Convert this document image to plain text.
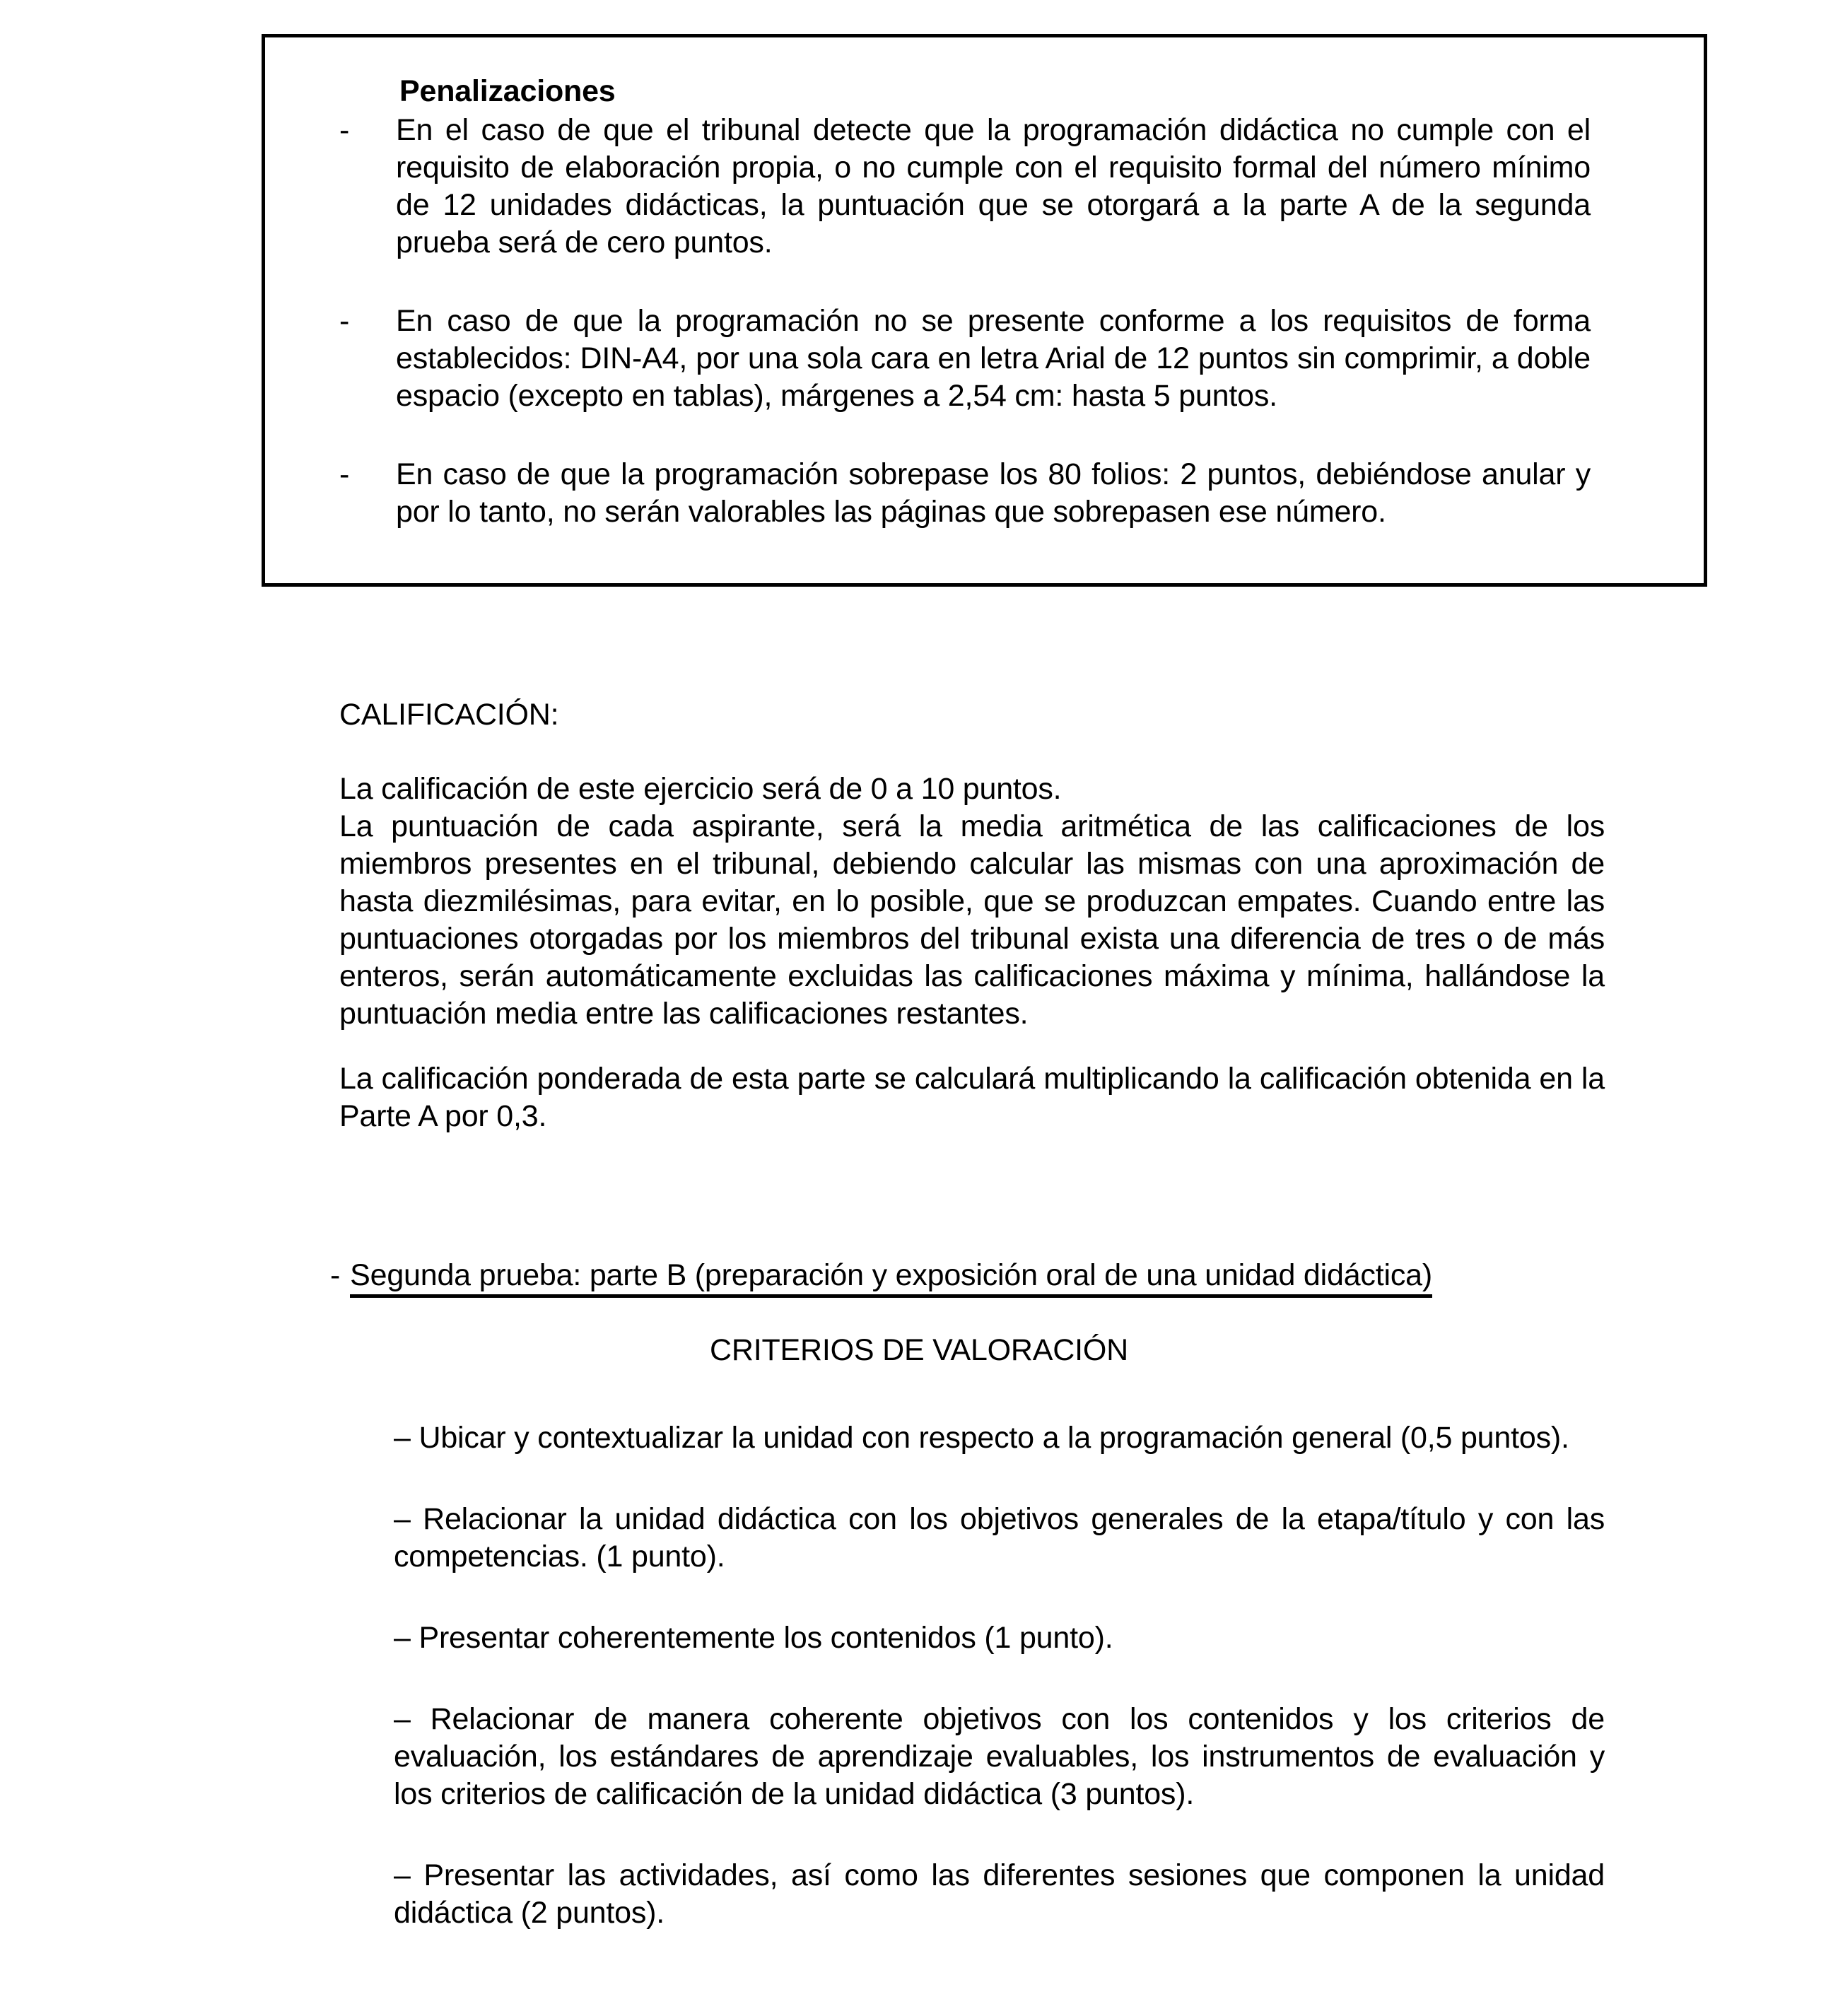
Penalizaciones
-	En el caso de que el tribunal detecte que la programación didáctica no cumple con el requisito de elaboración propia, o no cumple con el requisito formal del número mínimo de 12 unidades didácticas, la puntuación que se otorgará a la parte A de la segunda prueba será de cero puntos.

-	En caso de que la programación no se presente conforme a los requisitos de forma establecidos: DIN-A4, por una sola cara en letra Arial de 12 puntos sin comprimir, a doble espacio (excepto en tablas), márgenes a 2,54 cm: hasta 5 puntos.

-	En caso de que la programación sobrepase los 80 folios: 2 puntos, debiéndose anular y por lo tanto, no serán valorables las páginas que sobrepasen ese número.

CALIFICACIÓN:

La calificación de este ejercicio será de 0 a 10 puntos.

La puntuación de cada aspirante, será la media aritmética de las calificaciones de los miembros presentes en el tribunal, debiendo calcular las mismas con una aproximación de hasta diezmilésimas, para evitar, en lo posible, que se produzcan empates. Cuando entre las puntuaciones otorgadas por los miembros del tribunal exista una diferencia de tres o de más enteros, serán automáticamente excluidas las calificaciones máxima y mínima, hallándose la puntuación media entre las calificaciones restantes.

La calificación ponderada de esta parte se calculará multiplicando la calificación obtenida en la Parte A por 0,3.

- Segunda prueba: parte B (preparación y exposición oral de una unidad didáctica)
CRITERIOS DE VALORACIÓN

– Ubicar y contextualizar la unidad con respecto a la programación general (0,5 puntos).

– Relacionar la unidad didáctica con los objetivos generales de la etapa/título y con las competencias. (1 punto).

– Presentar coherentemente los contenidos (1 punto).

– Relacionar de manera coherente objetivos con los contenidos y los criterios de evaluación, los estándares de aprendizaje evaluables, los instrumentos de evaluación y los criterios de calificación de la unidad didáctica (3 puntos).

– Presentar las actividades, así como las diferentes sesiones que componen la unidad didáctica (2 puntos).
